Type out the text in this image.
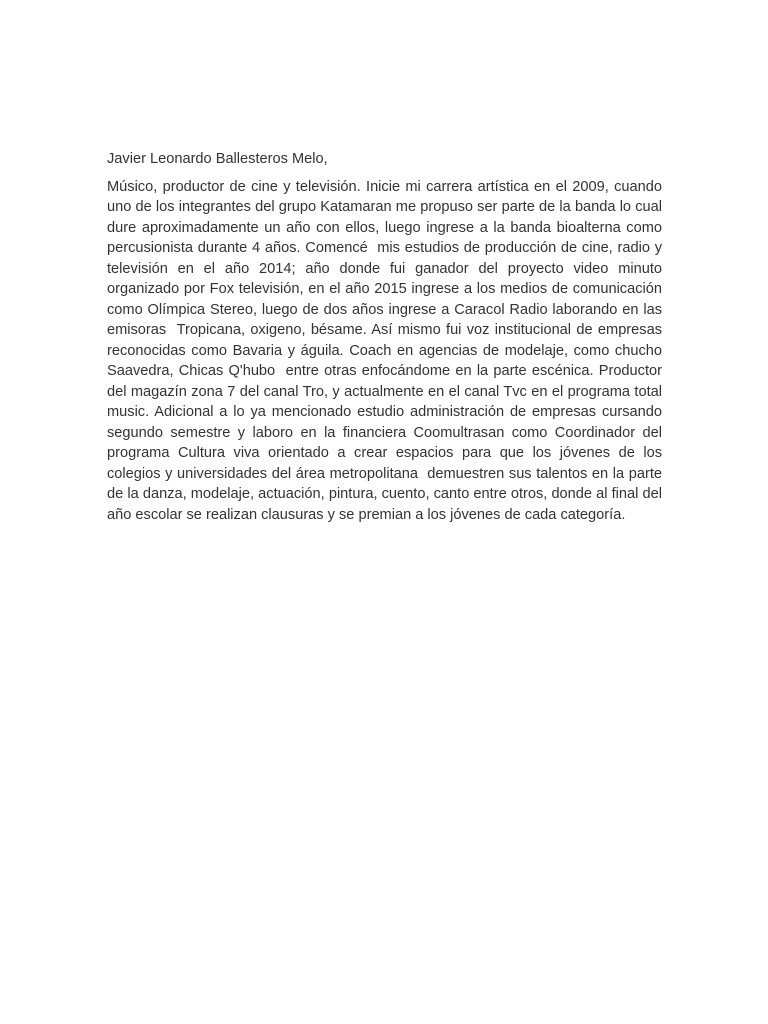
Javier Leonardo Ballesteros Melo,

Músico, productor de cine y televisión. Inicie mi carrera artística en el 2009, cuando uno de los integrantes del grupo Katamaran me propuso ser parte de la banda lo cual dure aproximadamente un año con ellos, luego ingrese a la banda bioalterna como percusionista durante 4 años. Comencé  mis estudios de producción de cine, radio y televisión en el año 2014; año donde fui ganador del proyecto video minuto organizado por Fox televisión, en el año 2015 ingrese a los medios de comunicación como Olímpica Stereo, luego de dos años ingrese a Caracol Radio laborando en las emisoras  Tropicana, oxigeno, bésame. Así mismo fui voz institucional de empresas reconocidas como Bavaria y águila. Coach en agencias de modelaje, como chucho Saavedra, Chicas Q'hubo  entre otras enfocándome en la parte escénica. Productor del magazín zona 7 del canal Tro, y actualmente en el canal Tvc en el programa total music. Adicional a lo ya mencionado estudio administración de empresas cursando segundo semestre y laboro en la financiera Coomultrasan como Coordinador del programa Cultura viva orientado a crear espacios para que los jóvenes de los colegios y universidades del área metropolitana  demuestren sus talentos en la parte de la danza, modelaje, actuación, pintura, cuento, canto entre otros, donde al final del año escolar se realizan clausuras y se premian a los jóvenes de cada categoría.
